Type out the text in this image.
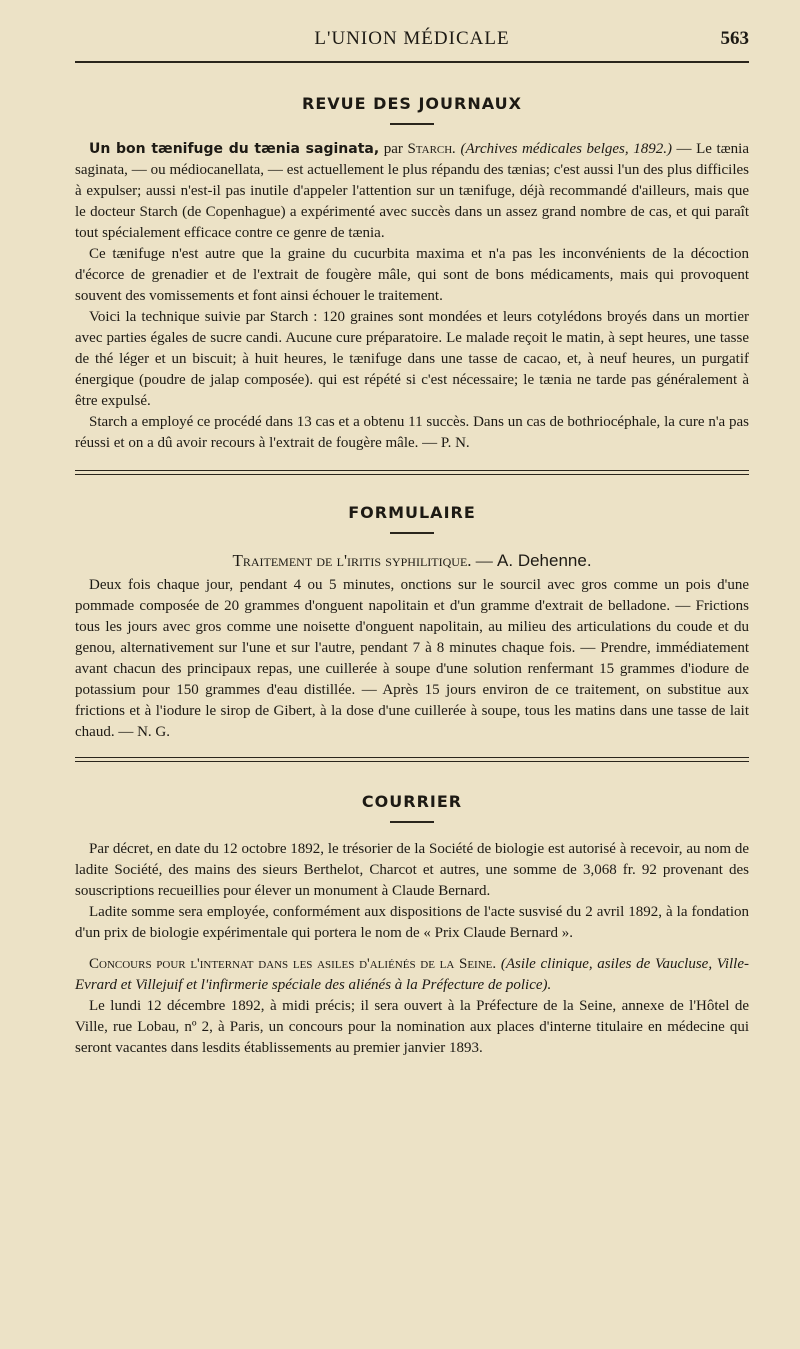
L'UNION MÉDICALE	563
REVUE DES JOURNAUX

Un bon tænifuge du tænia saginata, par Starch. (Archives médicales belges, 1892.) — Le tænia saginata, — ou médiocanellata, — est actuellement le plus répandu des tænias; c'est aussi l'un des plus difficiles à expulser; aussi n'est-il pas inutile d'appeler l'attention sur un tænifuge, déjà recommandé d'ailleurs, mais que le docteur Starch (de Copenhague) a expérimenté avec succès dans un assez grand nombre de cas, et qui paraît tout spécialement efficace contre ce genre de tænia.

Ce tænifuge n'est autre que la graine du cucurbita maxima et n'a pas les inconvénients de la décoction d'écorce de grenadier et de l'extrait de fougère mâle, qui sont de bons médicaments, mais qui provoquent souvent des vomissements et font ainsi échouer le traitement.

Voici la technique suivie par Starch : 120 graines sont mondées et leurs cotylédons broyés dans un mortier avec parties égales de sucre candi. Aucune cure préparatoire. Le malade reçoit le matin, à sept heures, une tasse de thé léger et un biscuit; à huit heures, le tænifuge dans une tasse de cacao, et, à neuf heures, un purgatif énergique (poudre de jalap composée). qui est répété si c'est nécessaire; le tænia ne tarde pas généralement à être expulsé.

Starch a employé ce procédé dans 13 cas et a obtenu 11 succès. Dans un cas de bothriocéphale, la cure n'a pas réussi et on a dû avoir recours à l'extrait de fougère mâle. — P. N.

FORMULAIRE

Traitement de l'iritis syphilitique. — A. Dehenne.

Deux fois chaque jour, pendant 4 ou 5 minutes, onctions sur le sourcil avec gros comme un pois d'une pommade composée de 20 grammes d'onguent napolitain et d'un gramme d'extrait de belladone. — Frictions tous les jours avec gros comme une noisette d'onguent napolitain, au milieu des articulations du coude et du genou, alternativement sur l'une et sur l'autre, pendant 7 à 8 minutes chaque fois. — Prendre, immédiatement avant chacun des principaux repas, une cuillerée à soupe d'une solution renfermant 15 grammes d'iodure de potassium pour 150 grammes d'eau distillée. — Après 15 jours environ de ce traitement, on substitue aux frictions et à l'iodure le sirop de Gibert, à la dose d'une cuillerée à soupe, tous les matins dans une tasse de lait chaud. — N. G.

COURRIER

Par décret, en date du 12 octobre 1892, le trésorier de la Société de biologie est autorisé à recevoir, au nom de ladite Société, des mains des sieurs Berthelot, Charcot et autres, une somme de 3,068 fr. 92 provenant des souscriptions recueillies pour élever un monument à Claude Bernard.

Ladite somme sera employée, conformément aux dispositions de l'acte susvisé du 2 avril 1892, à la fondation d'un prix de biologie expérimentale qui portera le nom de « Prix Claude Bernard ».

Concours pour l'internat dans les asiles d'aliénés de la Seine. (Asile clinique, asiles de Vaucluse, Ville-Evrard et Villejuif et l'infirmerie spéciale des aliénés à la Préfecture de police).

Le lundi 12 décembre 1892, à midi précis; il sera ouvert à la Préfecture de la Seine, annexe de l'Hôtel de Ville, rue Lobau, nº 2, à Paris, un concours pour la nomination aux places d'interne titulaire en médecine qui seront vacantes dans lesdits établissements au premier janvier 1893.
